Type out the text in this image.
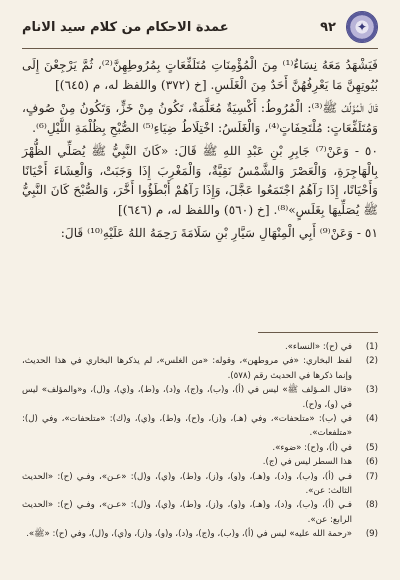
✦
٩٢
عمدة الاحكام من كلام سيد الانام

فَيَشْهَدُ مَعَهُ نِسَاءٌ⁽¹⁾ مِنَ الْمُؤْمِنَاتِ مُتَلَفِّعَاتٍ بِمُرُوطِهِنَّ⁽²⁾، ثُمَّ يَرْجِعْنَ إِلَى بُيُوتِهِنَّ مَا يَعْرِفُهُنَّ أَحَدٌ مِنَ الْغَلَسِ. [خ (٣٧٢) واللفظ له، م (٦٤٥)]

قَالَ الْمُؤَلِّفُ ﷺ⁽³⁾: الْمُرُوطُ: أَكْسِيَةٌ مُعَلَّمَةٌ، تَكُونُ مِنْ خَزٍّ، وَتَكُونُ مِنْ صُوفٍ، وَمُتَلَفِّعَاتٍ: مُلْتَحِفَاتٍ⁽⁴⁾، وَالْغَلَسُ: اخْتِلَاطُ ضِيَاءِ⁽⁵⁾ الصُّبْحِ بِظُلْمَةِ اللَّيْلِ⁽⁶⁾.

٥٠ - وَعَنْ⁽⁷⁾ جَابِرِ بْنِ عَبْدِ اللهِ ﷺ قَالَ: «كَانَ النَّبِيُّ ﷺ يُصَلِّي الظُّهْرَ بِالْهَاجِرَةِ، وَالْعَصْرَ وَالشَّمْسُ نَقِيَّةٌ، وَالْمَغْرِبَ إِذَا وَجَبَتْ، وَالْعِشَاءَ أَحْيَانًا وَأَحْيَانًا، إِذَا رَآهُمُ اجْتَمَعُوا عَجَّلَ، وَإِذَا رَآهُمْ أَبْطَؤُوا أَخَّرَ، وَالصُّبْحَ كَانَ النَّبِيُّ ﷺ يُصَلِّيهَا بِغَلَسٍ»⁽⁸⁾. [خ (٥٦٠) واللفظ له، م (٦٤٦)]

٥١ - وَعَنْ⁽⁹⁾ أَبِي الْمِنْهَالِ سَيَّارِ بْنِ سَلَامَةَ رَحِمَهُ اللهُ عَلَيْهِ⁽¹⁰⁾ قَالَ:

(1)
في (ح): «النساء».
(2)
لفظ البخاري: «في مروطهن»، وقوله: «من الغلس»، لم يذكرها البخاري في هذا الحديث، وإنما ذكرها في الحديث رقم (٥٧٨).
(3)
«قال المـؤلف ﷺ» ليس في (أ)، و(ب)، و(ج)، و(د)، و(ط)، و(ي)، و(ل)، و«والمؤلف» ليس في (و)، و(ح).
(4)
في (ب): «متلحفات»، وفي (هـ)، و(ز)، و(ح)، و(ط)، و(ي)، و(ك): «متلحفات»، وفي (ل): «متلفعات».
(5)
في (أ)، و(ح): «ضوء».
(6)
هذا السطر ليس في (ج).
(7)
فـي (أ)، و(ب)، و(د)، و(هـ)، و(و)، و(ز)، و(ط)، و(ي)، و(ل): «عـن»، وفـي (ح): «الحديث الثالث: عن».
(8)
فـي (أ)، و(ب)، و(د)، و(هـ)، و(و)، و(ز)، و(ط)، و(ي)، و(ل): «عـن»، وفـي (ح): «الحديث الرابع: عن».
(9)
«رحمة الله عليه» ليس في (أ)، و(ب)، و(ج)، و(د)، و(و)، و(ز)، و(ي)، و(ل)، وفي (ح): «ﷺ».
